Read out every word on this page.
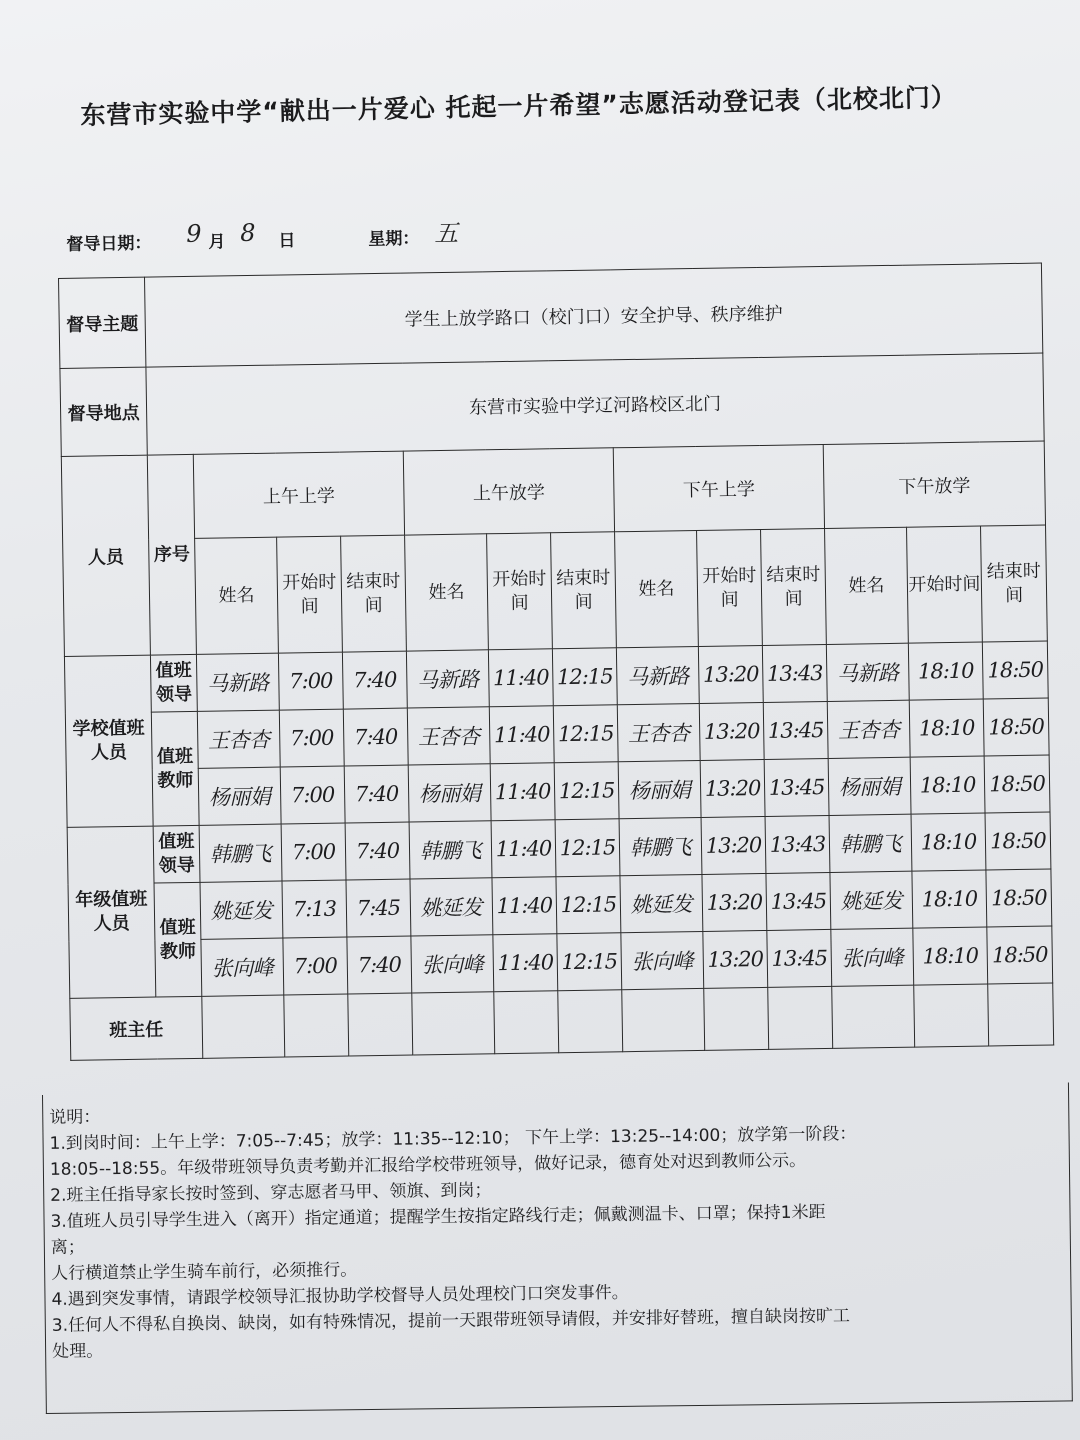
东营市实验中学“献出一片爱心 托起一片希望”志愿活动登记表（北校北门）
督导日期： 9 月 8 日	星期： 五
督导主题	学生上放学路口（校门口）安全护导、秩序维护												
督导地点	东营市实验中学辽河路校区北门												
人员	序号	上午上学			上午放学			下午上学			下午放学		
		姓名	开始时间	结束时间	姓名	开始时间	结束时间	姓名	开始时间	结束时间	姓名	开始时间	结束时间
学校值班人员	值班领导	马新路	7:00	7:40	马新路	11:40	12:15	马新路	13:20	13:43	马新路	18:10	18:50
	值班教师	王杏杏	7:00	7:40	王杏杏	11:40	12:15	王杏杏	13:20	13:45	王杏杏	18:10	18:50
		杨丽娟	7:00	7:40	杨丽娟	11:40	12:15	杨丽娟	13:20	13:45	杨丽娟	18:10	18:50
年级值班人员	值班领导	韩鹏飞	7:00	7:40	韩鹏飞	11:40	12:15	韩鹏飞	13:20	13:43	韩鹏飞	18:10	18:50
	值班教师	姚延发	7:13	7:45	姚延发	11:40	12:15	姚延发	13:20	13:45	姚延发	18:10	18:50
		张向峰	7:00	7:40	张向峰	11:40	12:15	张向峰	13:20	13:45	张向峰	18:10	18:50
班主任													
说明：
1.到岗时间：上午上学：7:05--7:45；放学：11:35--12:10； 下午上学：13:25--14:00；放学第一阶段：
18:05--18:55。年级带班领导负责考勤并汇报给学校带班领导，做好记录，德育处对迟到教师公示。
2.班主任指导家长按时签到、穿志愿者马甲、领旗、到岗；
3.值班人员引导学生进入（离开）指定通道；提醒学生按指定路线行走；佩戴测温卡、口罩；保持1米距
离；
人行横道禁止学生骑车前行，必须推行。
4.遇到突发事情，请跟学校领导汇报协助学校督导人员处理校门口突发事件。
3.任何人不得私自换岗、缺岗，如有特殊情况，提前一天跟带班领导请假，并安排好替班，擅自缺岗按旷工
处理。
